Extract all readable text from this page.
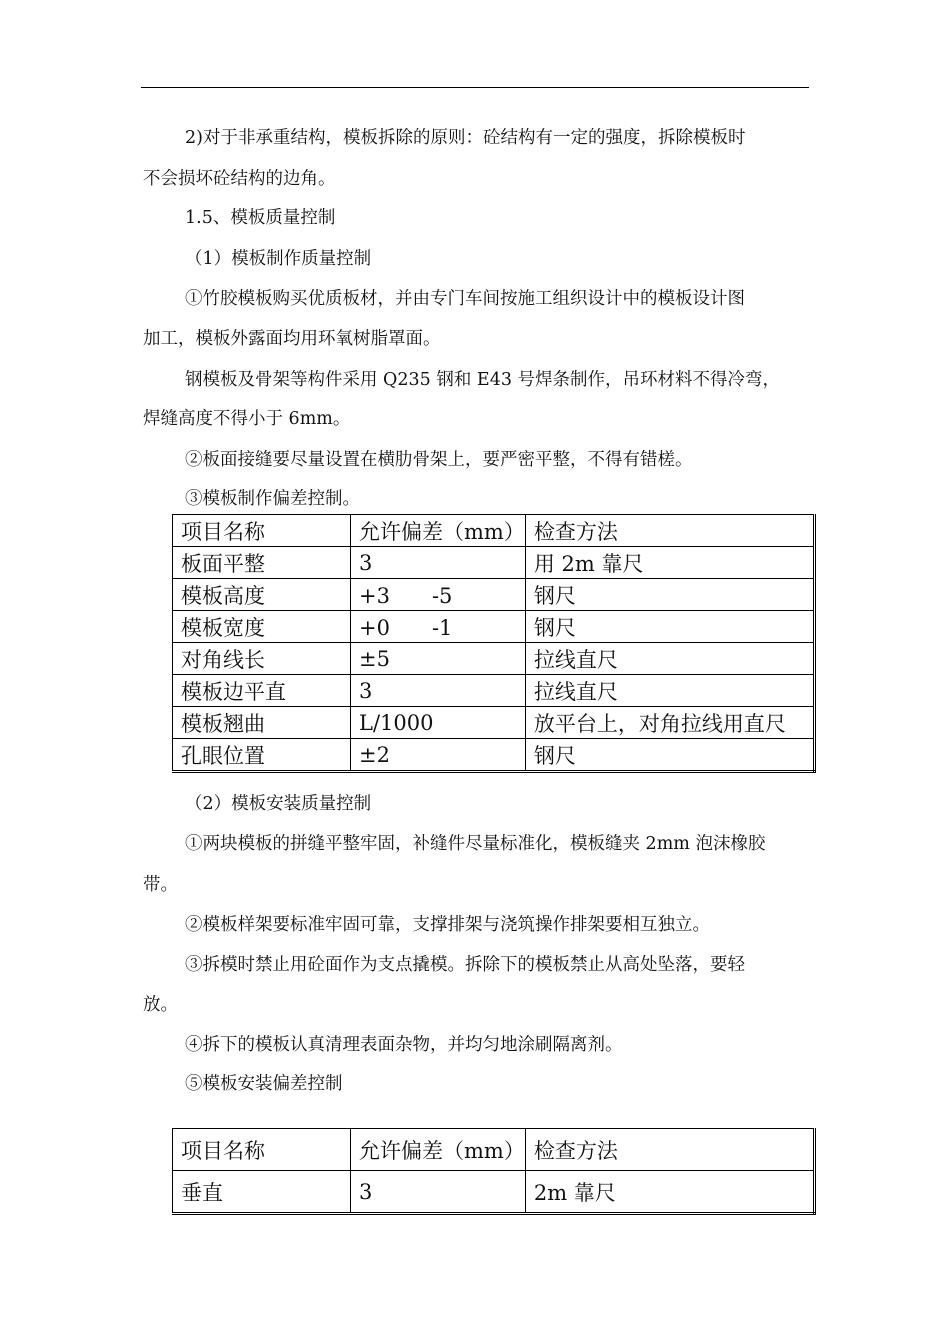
2)对于非承重结构，模板拆除的原则：砼结构有一定的强度，拆除模板时
不会损坏砼结构的边角。
1.5、模板质量控制
（1）模板制作质量控制
①竹胶模板购买优质板材，并由专门车间按施工组织设计中的模板设计图
加工，模板外露面均用环氧树脂罩面。
钢模板及骨架等构件采用 Q235 钢和 E43 号焊条制作，吊环材料不得冷弯，
焊缝高度不得小于 6mm。
②板面接缝要尽量设置在横肋骨架上，要严密平整，不得有错槎。
③模板制作偏差控制。
项目名称	允许偏差（mm）	检查方法
板面平整	3	用 2m 靠尺
模板高度	+3　　-5	钢尺
模板宽度	+0　　-1	钢尺
对角线长	±5	拉线直尺
模板边平直	3	拉线直尺
模板翘曲	L/1000	放平台上，对角拉线用直尺
孔眼位置	±2	钢尺
（2）模板安装质量控制
①两块模板的拼缝平整牢固，补缝件尽量标准化，模板缝夹 2mm 泡沫橡胶
带。
②模板样架要标准牢固可靠，支撑排架与浇筑操作排架要相互独立。
③拆模时禁止用砼面作为支点撬模。拆除下的模板禁止从高处坠落，要轻
放。
④拆下的模板认真清理表面杂物，并均匀地涂刷隔离剂。
⑤模板安装偏差控制
项目名称	允许偏差（mm）	检查方法
垂直	3	2m 靠尺
